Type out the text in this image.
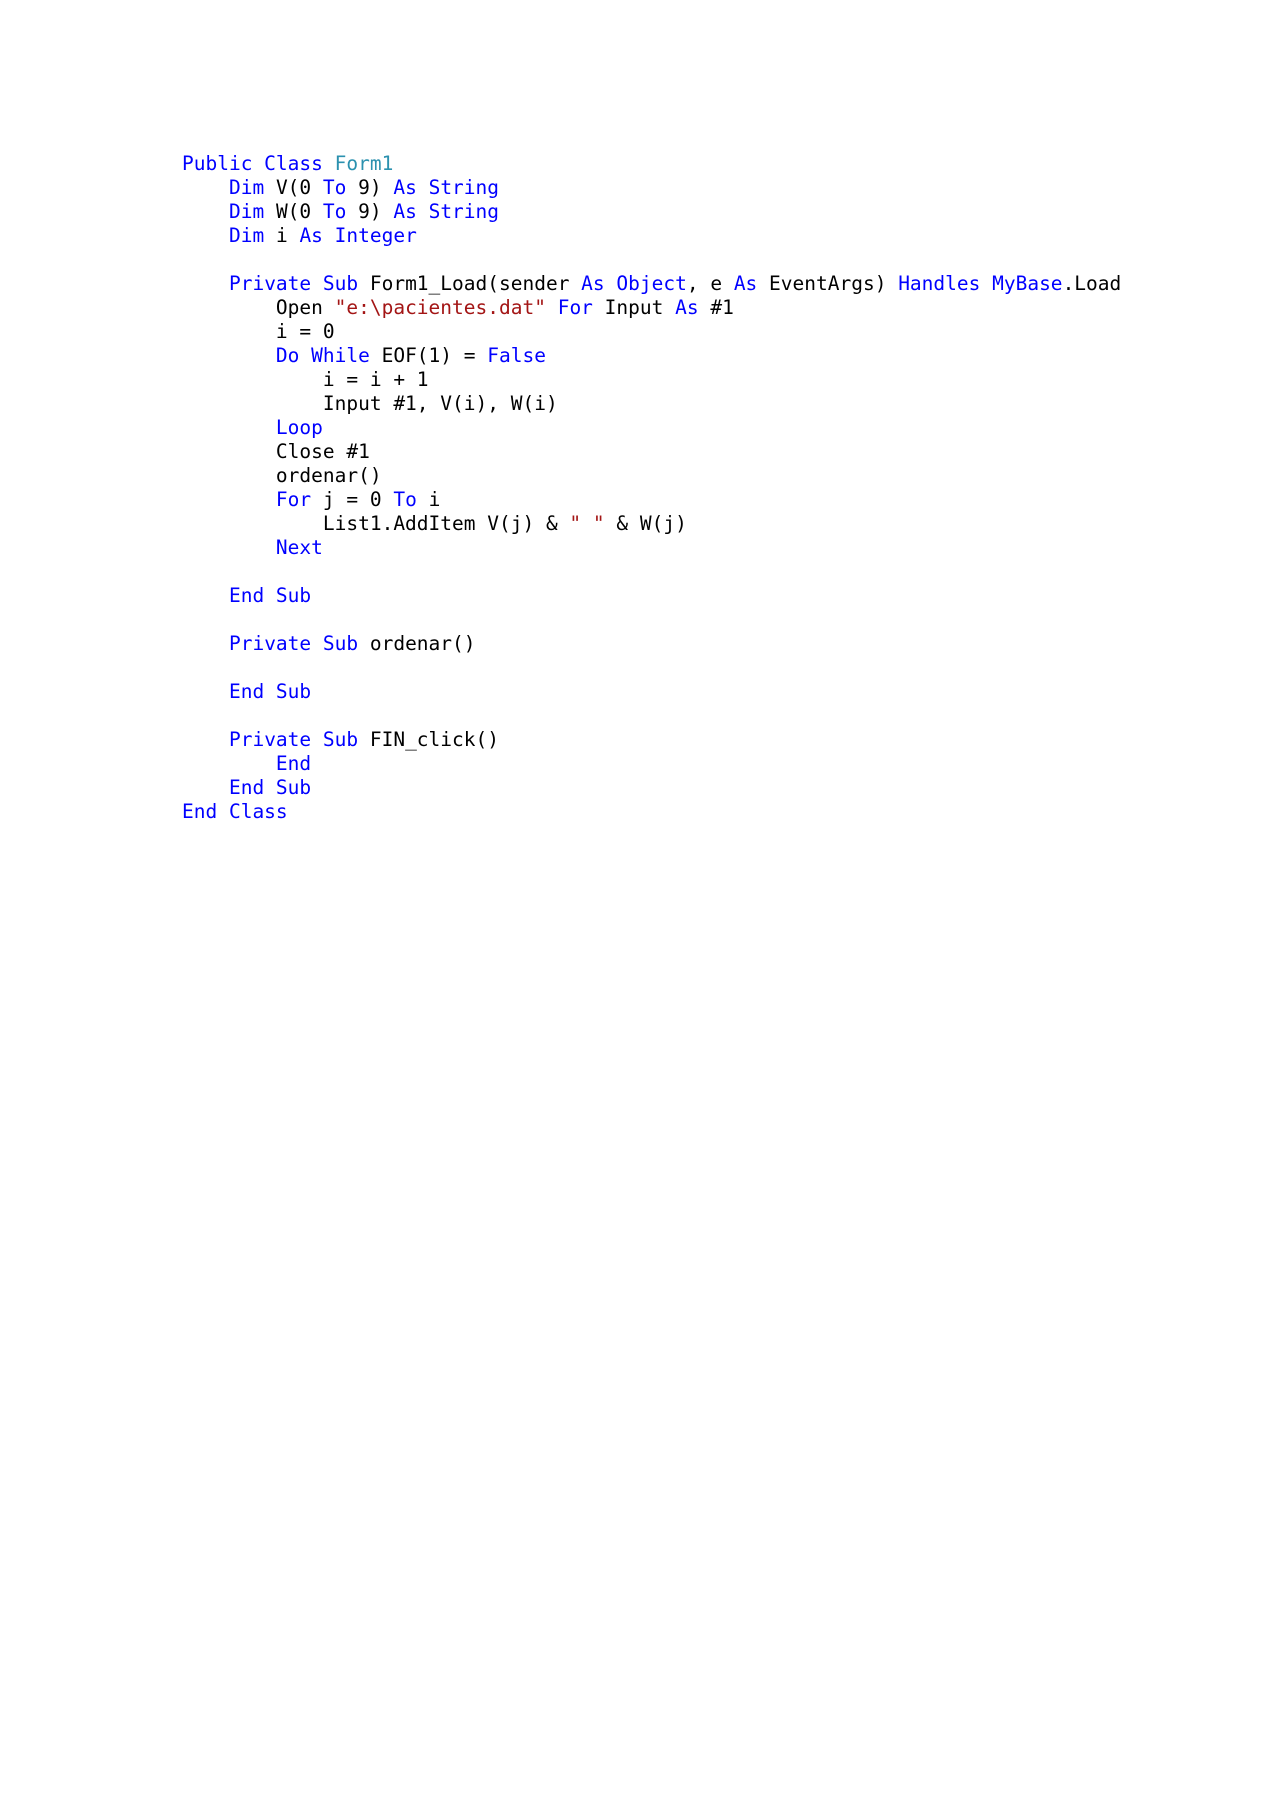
Public Class Form1
Dim V(0 To 9) As String
Dim W(0 To 9) As String
Dim i As Integer

Private Sub Form1_Load(sender As Object, e As EventArgs) Handles MyBase.Load
Open "e:\pacientes.dat" For Input As #1
i = 0
Do While EOF(1) = False
i = i + 1
Input #1, V(i), W(i)
Loop
Close #1
ordenar()
For j = 0 To i
List1.AddItem V(j) & " " & W(j)
Next

End Sub

Private Sub ordenar()

End Sub

Private Sub FIN_click()
End
End Sub
End Class
